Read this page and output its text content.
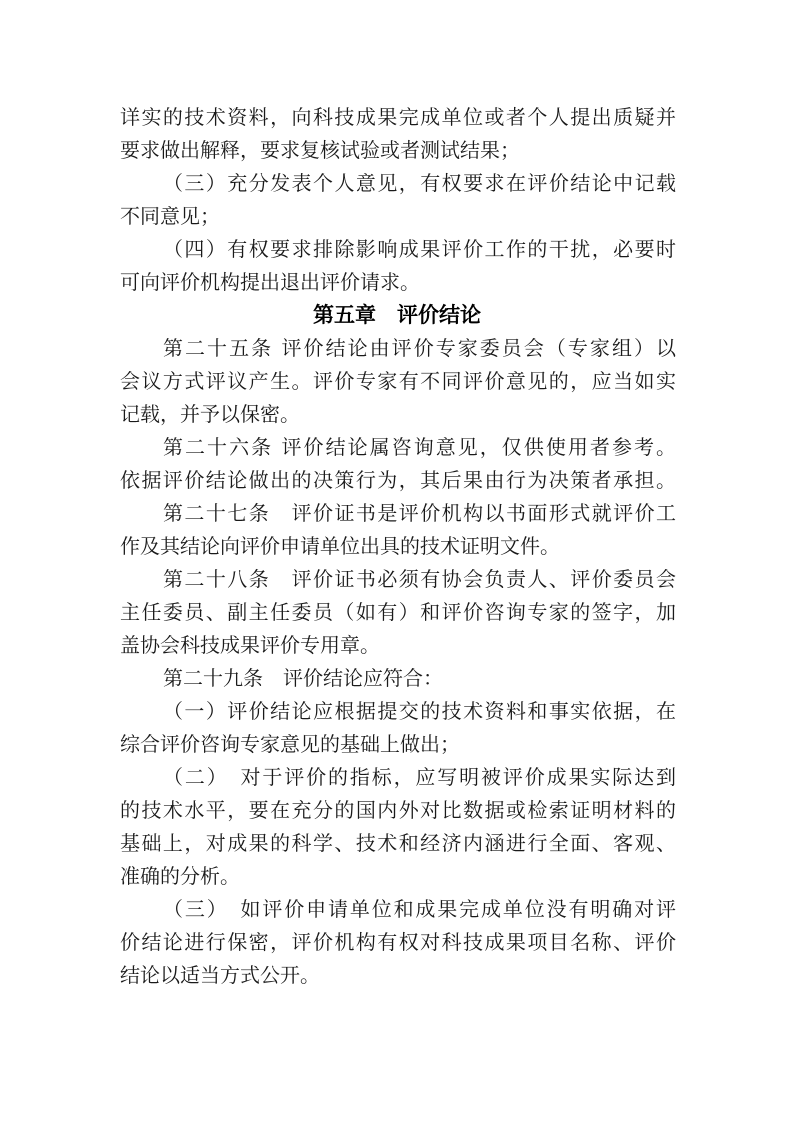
详实的技术资料，向科技成果完成单位或者个人提出质疑并
要求做出解释，要求复核试验或者测试结果；
（三）充分发表个人意见，有权要求在评价结论中记载
不同意见；
（四）有权要求排除影响成果评价工作的干扰，必要时
可向评价机构提出退出评价请求。
第五章　评价结论
第二十五条 评价结论由评价专家委员会（专家组）以
会议方式评议产生。评价专家有不同评价意见的，应当如实
记载，并予以保密。
第二十六条 评价结论属咨询意见，仅供使用者参考。
依据评价结论做出的决策行为，其后果由行为决策者承担。
第二十七条　评价证书是评价机构以书面形式就评价工
作及其结论向评价申请单位出具的技术证明文件。
第二十八条　评价证书必须有协会负责人、评价委员会
主任委员、副主任委员（如有）和评价咨询专家的签字，加
盖协会科技成果评价专用章。
第二十九条　评价结论应符合：
（一）评价结论应根据提交的技术资料和事实依据，在
综合评价咨询专家意见的基础上做出；
（二）　对于评价的指标，应写明被评价成果实际达到
的技术水平，要在充分的国内外对比数据或检索证明材料的
基础上，对成果的科学、技术和经济内涵进行全面、客观、
准确的分析。
（三）　如评价申请单位和成果完成单位没有明确对评
价结论进行保密，评价机构有权对科技成果项目名称、评价
结论以适当方式公开。
